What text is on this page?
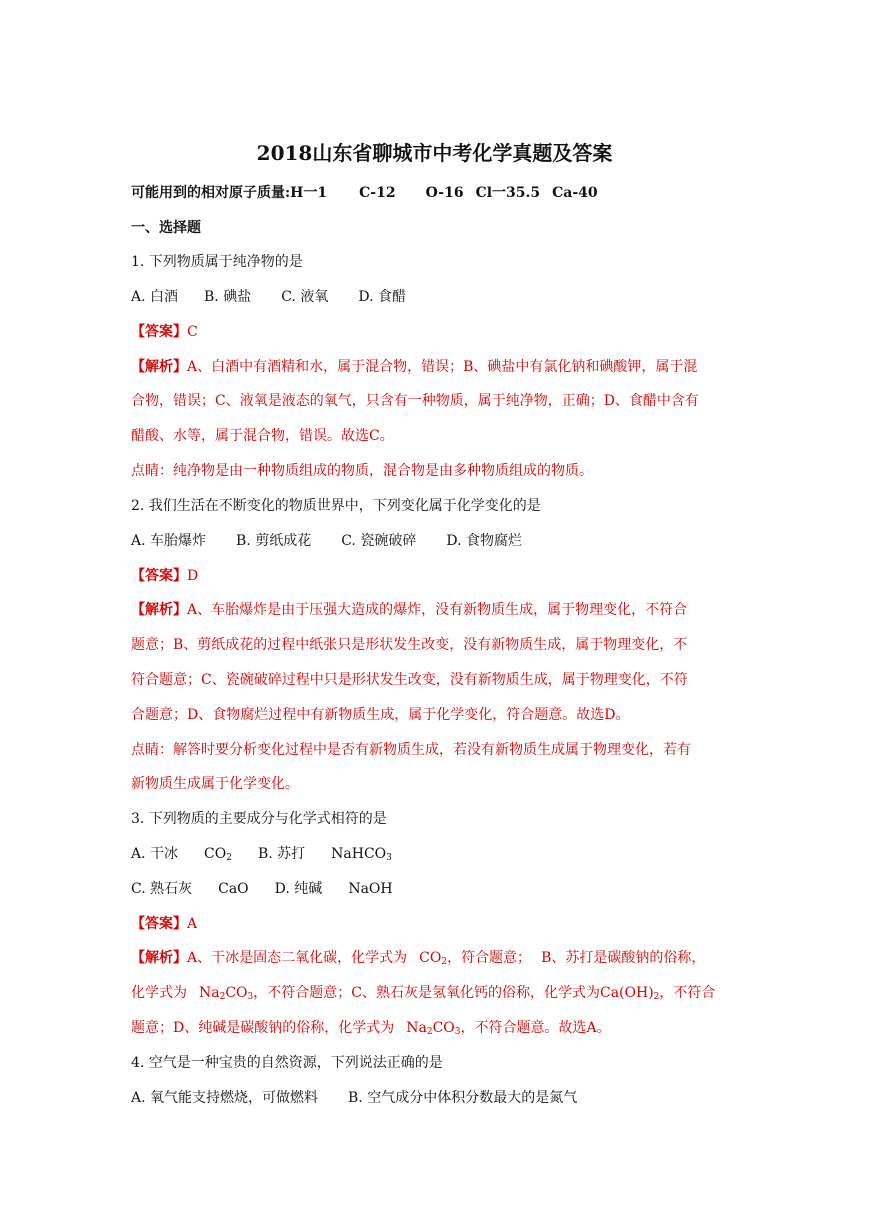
2018山东省聊城市中考化学真题及答案
可能用到的相对原子质量:H一1 C-12 O-16 Cl一35.5 Ca-40
一、选择题
1. 下列物质属于纯净物的是
A. 白酒 B. 碘盐 C. 液氧 D. 食醋
【答案】C
【解析】A、白酒中有酒精和水，属于混合物，错误；B、碘盐中有氯化钠和碘酸钾，属于混
合物，错误；C、液氧是液态的氧气，只含有一种物质，属于纯净物，正确；D、食醋中含有
醋酸、水等，属于混合物，错误。故选C。
点睛：纯净物是由一种物质组成的物质，混合物是由多种物质组成的物质。
2. 我们生活在不断变化的物质世界中，下列变化属于化学变化的是
A. 车胎爆炸 B. 剪纸成花 C. 瓷碗破碎 D. 食物腐烂
【答案】D
【解析】A、车胎爆炸是由于压强大造成的爆炸，没有新物质生成，属于物理变化，不符合
题意；B、剪纸成花的过程中纸张只是形状发生改变，没有新物质生成，属于物理变化，不
符合题意；C、瓷碗破碎过程中只是形状发生改变，没有新物质生成，属于物理变化，不符
合题意；D、食物腐烂过程中有新物质生成，属于化学变化，符合题意。故选D。
点睛：解答时要分析变化过程中是否有新物质生成，若没有新物质生成属于物理变化，若有
新物质生成属于化学变化。
3. 下列物质的主要成分与化学式相符的是
A. 干冰 $CO_2$ B. 苏打 NaHCO$_3$
C. 熟石灰 CaO D. 纯碱 NaOH
【答案】A
【解析】A、干冰是固态二氧化碳，化学式为 $CO_2$，符合题意； B、苏打是碳酸钠的俗称，
化学式为 $Na_2CO_3$，不符合题意；C、熟石灰是氢氧化钙的俗称，化学式为$Ca(OH)_2$，不符合
题意；D、纯碱是碳酸钠的俗称，化学式为 $Na_2CO_3$，不符合题意。故选A。
4. 空气是一种宝贵的自然资源，下列说法正确的是
A. 氧气能支持燃烧，可做燃料 B. 空气成分中体积分数最大的是氮气
